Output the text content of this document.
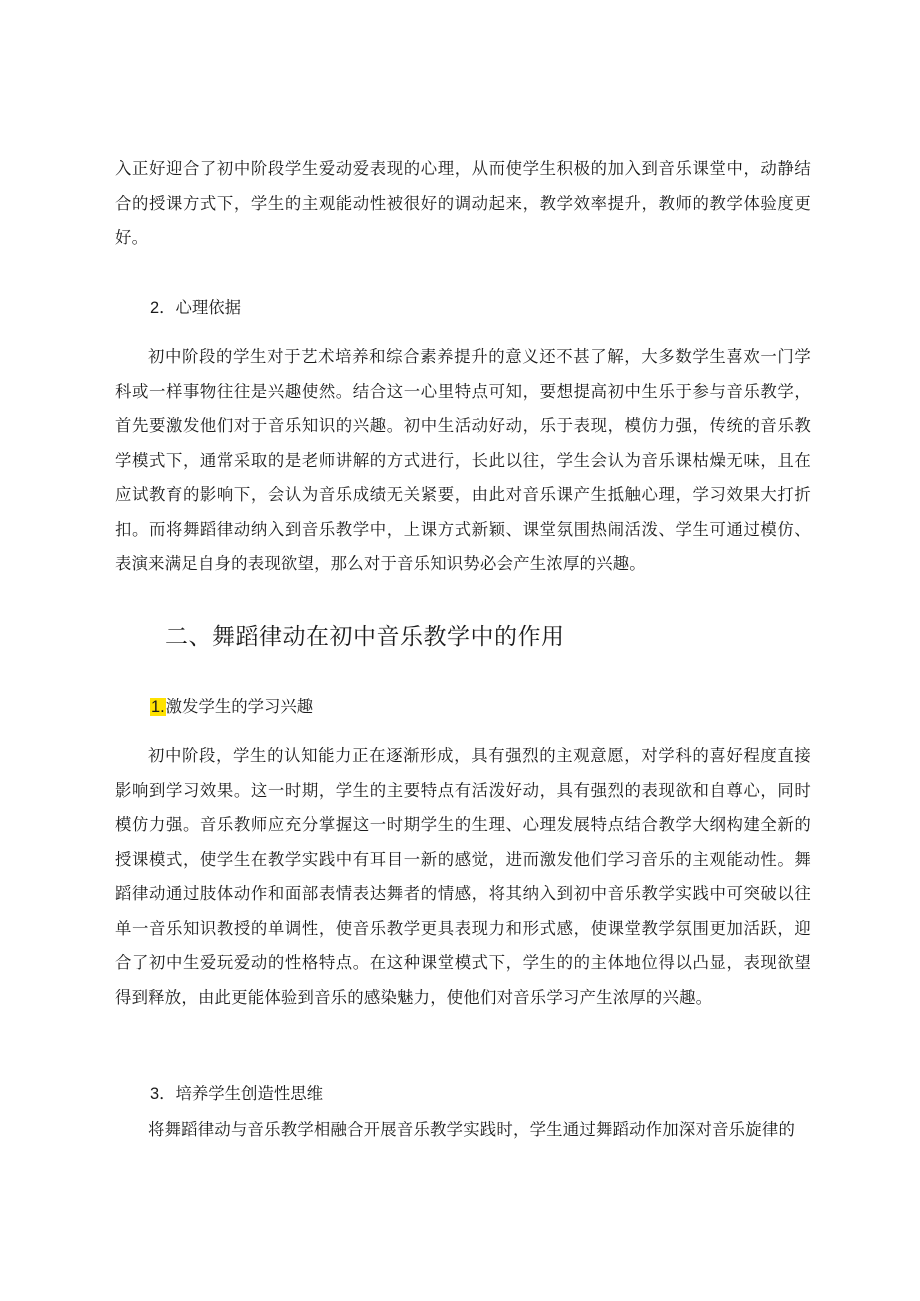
入正好迎合了初中阶段学生爱动爱表现的心理，从而使学生积极的加入到音乐课堂中，动静结合的授课方式下，学生的主观能动性被很好的调动起来，教学效率提升，教师的教学体验度更好。

2．心理依据

初中阶段的学生对于艺术培养和综合素养提升的意义还不甚了解，大多数学生喜欢一门学科或一样事物往往是兴趣使然。结合这一心里特点可知，要想提高初中生乐于参与音乐教学，首先要激发他们对于音乐知识的兴趣。初中生活动好动，乐于表现，模仿力强，传统的音乐教学模式下，通常采取的是老师讲解的方式进行，长此以往，学生会认为音乐课枯燥无味，且在应试教育的影响下，会认为音乐成绩无关紧要，由此对音乐课产生抵触心理，学习效果大打折扣。而将舞蹈律动纳入到音乐教学中，上课方式新颖、课堂氛围热闹活泼、学生可通过模仿、表演来满足自身的表现欲望，那么对于音乐知识势必会产生浓厚的兴趣。

二、舞蹈律动在初中音乐教学中的作用

1.激发学生的学习兴趣

初中阶段，学生的认知能力正在逐渐形成，具有强烈的主观意愿，对学科的喜好程度直接影响到学习效果。这一时期，学生的主要特点有活泼好动，具有强烈的表现欲和自尊心，同时模仿力强。音乐教师应充分掌握这一时期学生的生理、心理发展特点结合教学大纲构建全新的授课模式，使学生在教学实践中有耳目一新的感觉，进而激发他们学习音乐的主观能动性。舞蹈律动通过肢体动作和面部表情表达舞者的情感，将其纳入到初中音乐教学实践中可突破以往单一音乐知识教授的单调性，使音乐教学更具表现力和形式感，使课堂教学氛围更加活跃，迎合了初中生爱玩爱动的性格特点。在这种课堂模式下，学生的的主体地位得以凸显，表现欲望得到释放，由此更能体验到音乐的感染魅力，使他们对音乐学习产生浓厚的兴趣。

3．培养学生创造性思维

将舞蹈律动与音乐教学相融合开展音乐教学实践时，学生通过舞蹈动作加深对音乐旋律的
